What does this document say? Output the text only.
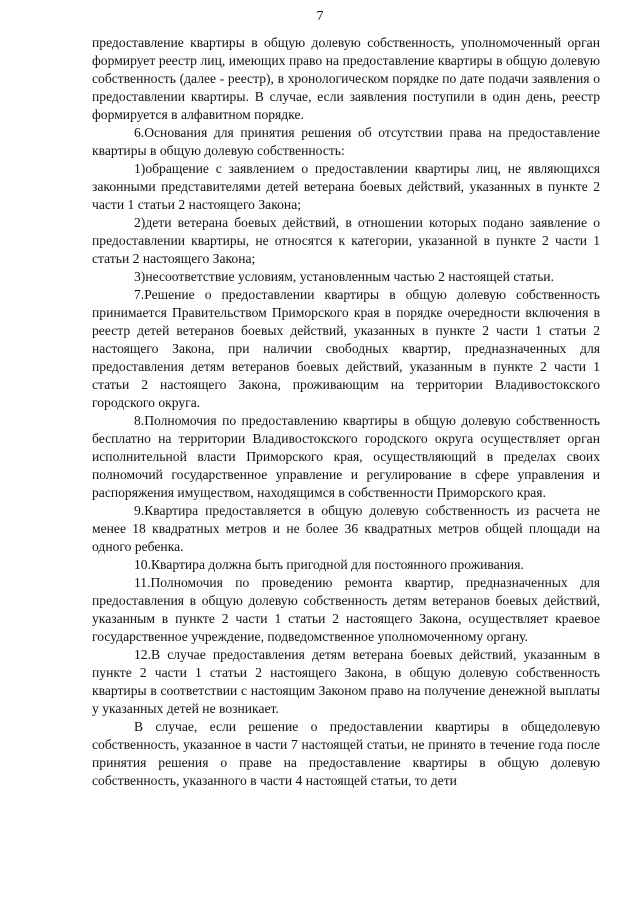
7

предоставление квартиры в общую долевую собственность, уполномоченный орган формирует реестр лиц, имеющих право на предоставление квартиры в общую долевую собственность (далее - реестр), в хронологическом порядке по дате подачи заявления о предоставлении квартиры. В случае, если заявления поступили в один день, реестр формируется в алфавитном порядке.

6.Основания для принятия решения об отсутствии права на предоставление квартиры в общую долевую собственность:

1)обращение с заявлением о предоставлении квартиры лиц, не являющихся законными представителями детей ветерана боевых действий, указанных в пункте 2 части 1 статьи 2 настоящего Закона;

2)дети ветерана боевых действий, в отношении которых подано заявление о предоставлении квартиры, не относятся к категории, указанной в пункте 2 части 1 статьи 2 настоящего Закона;

3)несоответствие условиям, установленным частью 2 настоящей статьи.

7.Решение о предоставлении квартиры в общую долевую собственность принимается Правительством Приморского края в порядке очередности включения в реестр детей ветеранов боевых действий, указанных в пункте 2 части 1 статьи 2 настоящего Закона, при наличии свободных квартир, предназначенных для предоставления детям ветеранов боевых действий, указанным в пункте 2 части 1 статьи 2 настоящего Закона, проживающим на территории Владивостокского городского округа.

8.Полномочия по предоставлению квартиры в общую долевую собственность бесплатно на территории Владивостокского городского округа осуществляет орган исполнительной власти Приморского края, осуществляющий в пределах своих полномочий государственное управление и регулирование в сфере управления и распоряжения имуществом, находящимся в собственности Приморского края.

9.Квартира предоставляется в общую долевую собственность из расчета не менее 18 квадратных метров и не более 36 квадратных метров общей площади на одного ребенка.

10.Квартира должна быть пригодной для постоянного проживания.

11.Полномочия по проведению ремонта квартир, предназначенных для предоставления в общую долевую собственность детям ветеранов боевых действий, указанным в пункте 2 части 1 статьи 2 настоящего Закона, осуществляет краевое государственное учреждение, подведомственное уполномоченному органу.

12.В случае предоставления детям ветерана боевых действий, указанным в пункте 2 части 1 статьи 2 настоящего Закона, в общую долевую собственность квартиры в соответствии с настоящим Законом право на получение денежной выплаты у указанных детей не возникает.

В случае, если решение о предоставлении квартиры в общедолевую собственность, указанное в части 7 настоящей статьи, не принято в течение года после принятия решения о праве на предоставление квартиры в общую долевую собственность, указанного в части 4 настоящей статьи, то дети
